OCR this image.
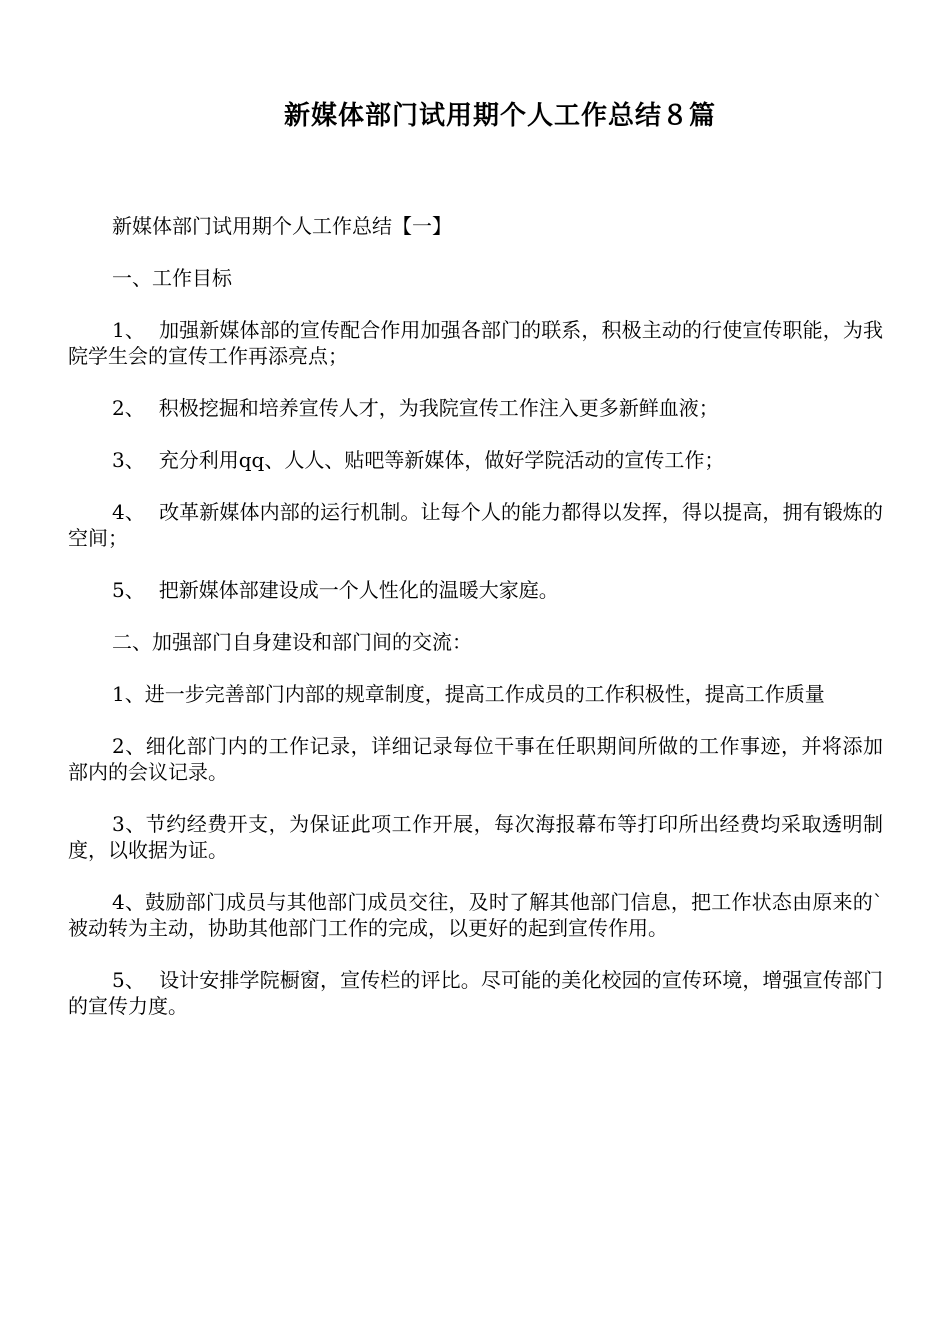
新媒体部门试用期个人工作总结８篇

新媒体部门试用期个人工作总结【一】

一、工作目标

1、 加强新媒体部的宣传配合作用加强各部门的联系，积极主动的行使宣传职能，为我院学生会的宣传工作再添亮点；

2、 积极挖掘和培养宣传人才，为我院宣传工作注入更多新鲜血液；

3、 充分利用qq、人人、贴吧等新媒体，做好学院活动的宣传工作；

4、 改革新媒体内部的运行机制。让每个人的能力都得以发挥，得以提高，拥有锻炼的空间；

5、 把新媒体部建设成一个人性化的温暖大家庭。

二、加强部门自身建设和部门间的交流：

1、进一步完善部门内部的规章制度，提高工作成员的工作积极性，提高工作质量

2、细化部门内的工作记录，详细记录每位干事在任职期间所做的工作事迹，并将添加部内的会议记录。

3、节约经费开支，为保证此项工作开展，每次海报幕布等打印所出经费均采取透明制度，以收据为证。

4、鼓励部门成员与其他部门成员交往，及时了解其他部门信息，把工作状态由原来的`被动转为主动，协助其他部门工作的完成，以更好的起到宣传作用。

5、 设计安排学院橱窗，宣传栏的评比。尽可能的美化校园的宣传环境，增强宣传部门的宣传力度。
